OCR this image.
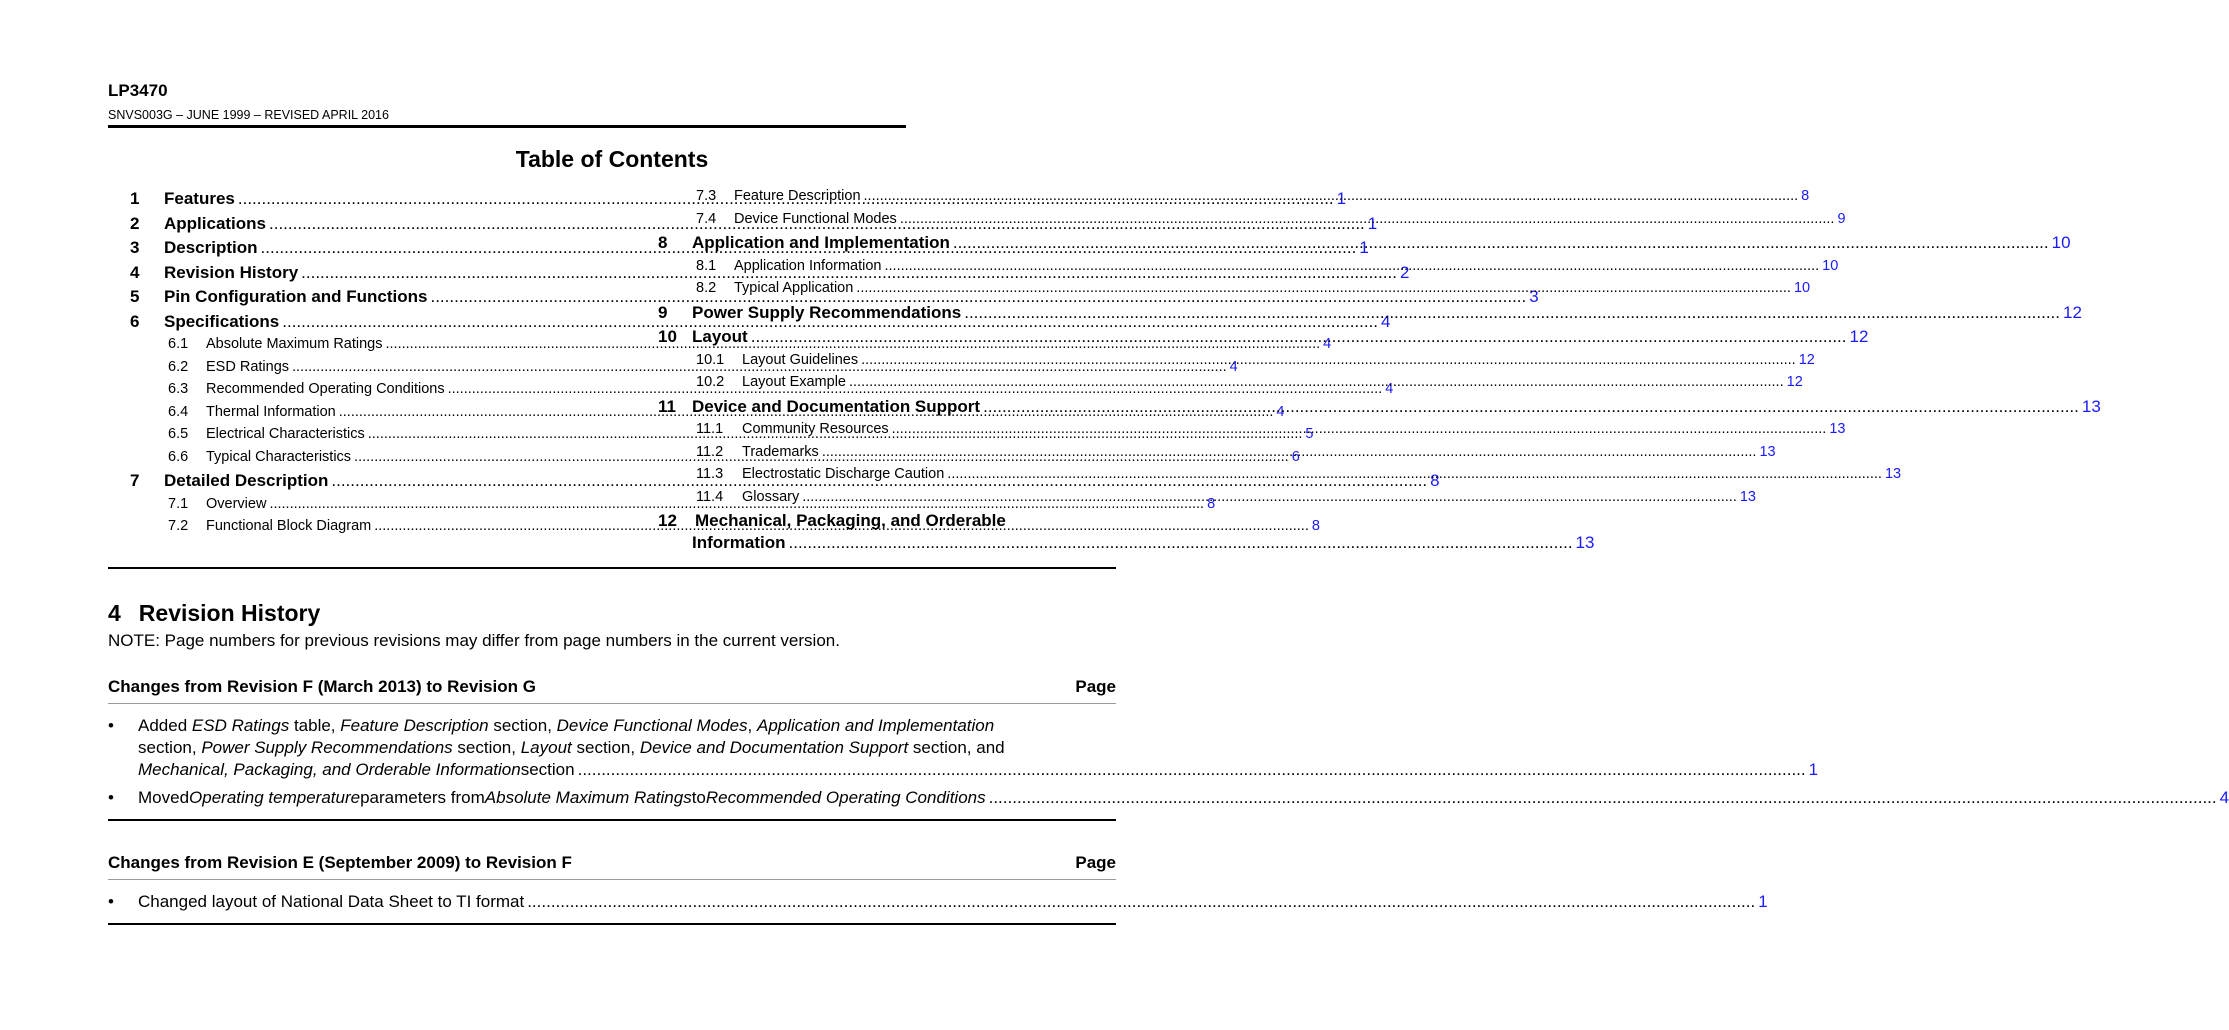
LP3470
SNVS003G – JUNE 1999 – REVISED APRIL 2016
Table of Contents
1	Features .....	1
2	Applications .....	1
3	Description .....	1
4	Revision History .....	2
5	Pin Configuration and Functions .....	3
6	Specifications .....	4
6.1	Absolute Maximum Ratings .....	4
6.2	ESD Ratings .....	4
6.3	Recommended Operating Conditions .....	4
6.4	Thermal Information .....	4
6.5	Electrical Characteristics .....	5
6.6	Typical Characteristics .....	6
7	Detailed Description .....	8
7.1	Overview .....	8
7.2	Functional Block Diagram .....	8
7.3	Feature Description .....	8
7.4	Device Functional Modes .....	9
8	Application and Implementation .....	10
8.1	Application Information .....	10
8.2	Typical Application .....	10
9	Power Supply Recommendations .....	12
10 Layout .....	12
10.1	Layout Guidelines .....	12
10.2	Layout Example .....	12
11 Device and Documentation Support .....	13
11.1	Community Resources .....	13
11.2	Trademarks .....	13
11.3	Electrostatic Discharge Caution .....	13
11.4	Glossary .....	13
12	Mechanical, Packaging, and Orderable
Information .....	13
4 Revision History
NOTE: Page numbers for previous revisions may differ from page numbers in the current version.
Changes from Revision F (March 2013) to Revision G	Page
•	Added ESD Ratings table, Feature Description section, Device Functional Modes, Application and Implementation
section, Power Supply Recommendations section, Layout section, Device and Documentation Support section, and
Mechanical, Packaging, and Orderable Information section .....	1
•	Moved Operating temperature parameters from Absolute Maximum Ratings to Recommended Operating Conditions .....	4
Changes from Revision E (September 2009) to Revision F	Page
•	Changed layout of National Data Sheet to TI format .....	1
